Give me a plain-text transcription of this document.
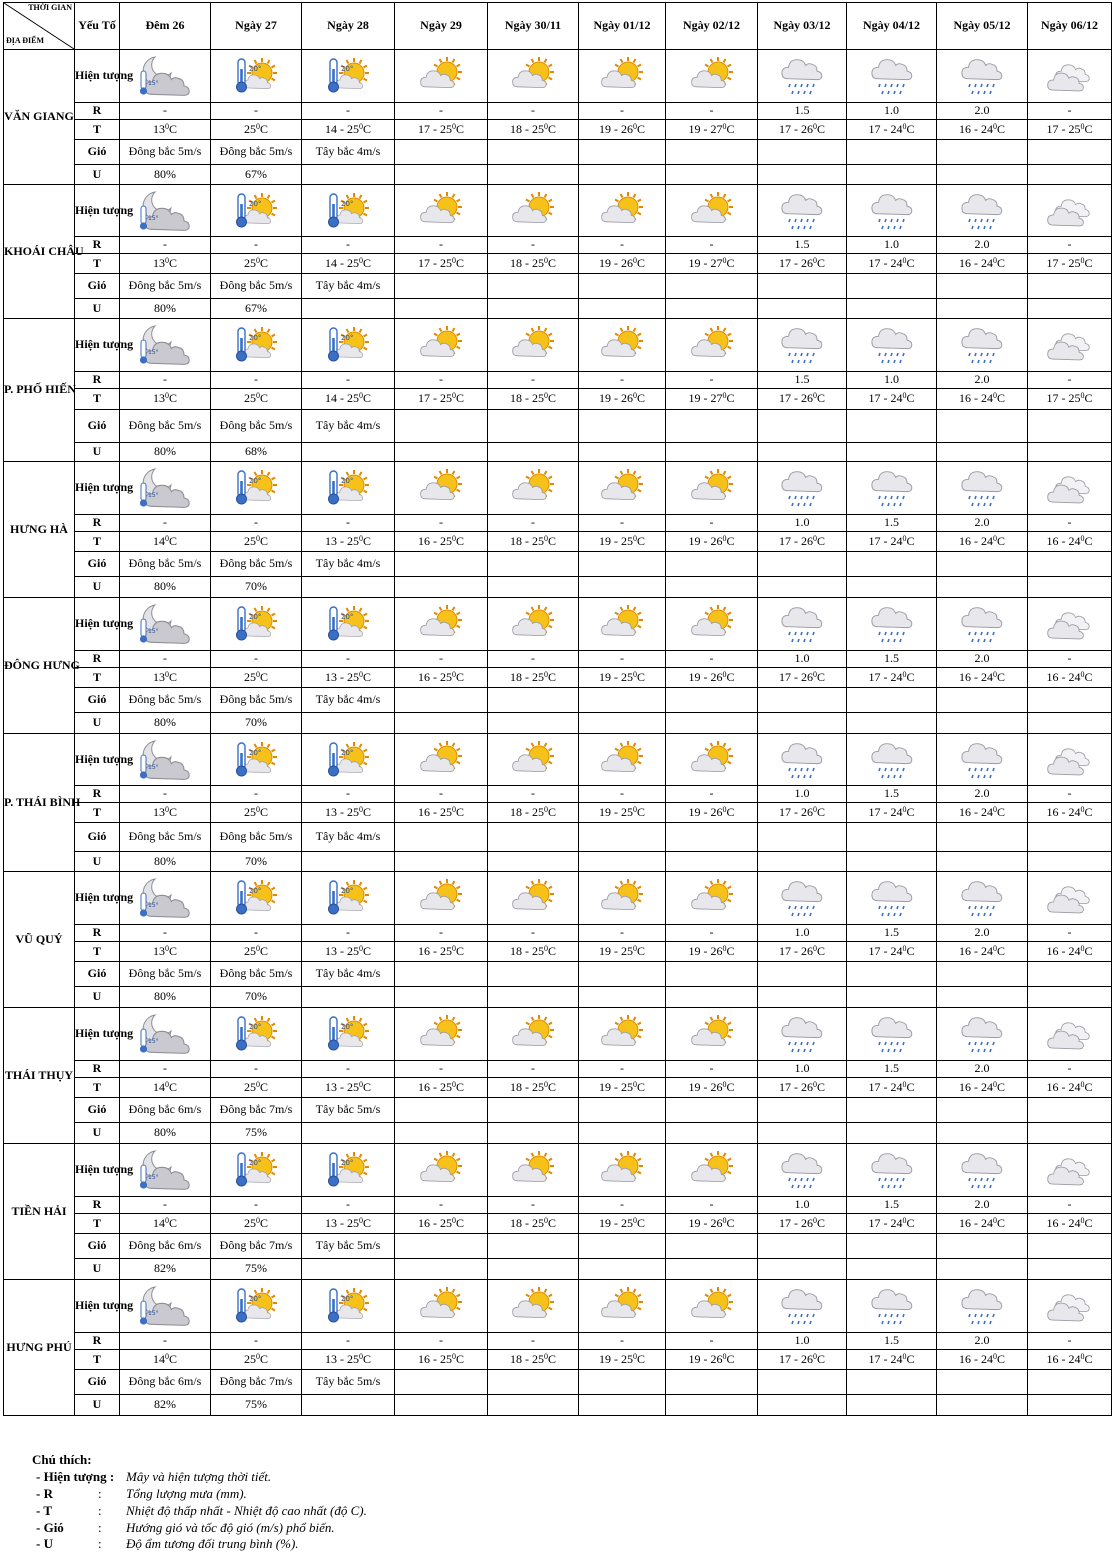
THỜI GIAN
ĐỊA ĐIỂM	Yếu Tố	Đêm 26	Ngày 27	Ngày 28	Ngày 29	Ngày 30/11	Ngày 01/12	Ngày 02/12	Ngày 03/12	Ngày 04/12	Ngày 05/12	Ngày 06/12
VĂN GIANG	Hiện tượng	15°	20°	20°

	R	-	-	-	-	-	-	-	1.5	1.0	2.0	-
	T	$13^0C$	$25^0C$	$14 - 25^0C$	$17 - 25^0C$	$18 - 25^0C$	$19 - 26^0C$	$19 - 27^0C$	$17 - 26^0C$	$17 - 24^0C$	$16 - 24^0C$	$17 - 25^0C$
	Gió	Đông bắc 5m/s	Đông bắc 5m/s	Tây bắc 4m/s								
	U	80%	67%									
KHOÁI CHÂU	Hiện tượng	15°	20°	20°

	R	-	-	-	-	-	-	-	1.5	1.0	2.0	-
	T	$13^0C$	$25^0C$	$14 - 25^0C$	$17 - 25^0C$	$18 - 25^0C$	$19 - 26^0C$	$19 - 27^0C$	$17 - 26^0C$	$17 - 24^0C$	$16 - 24^0C$	$17 - 25^0C$
	Gió	Đông bắc 5m/s	Đông bắc 5m/s	Tây bắc 4m/s								
	U	80%	67%									
P. PHỐ HIẾN	Hiện tượng	15°	20°	20°

	R	-	-	-	-	-	-	-	1.5	1.0	2.0	-
	T	$13^0C$	$25^0C$	$14 - 25^0C$	$17 - 25^0C$	$18 - 25^0C$	$19 - 26^0C$	$19 - 27^0C$	$17 - 26^0C$	$17 - 24^0C$	$16 - 24^0C$	$17 - 25^0C$
	Gió	Đông bắc 5m/s	Đông bắc 5m/s	Tây bắc 4m/s								
	U	80%	68%									
HƯNG HÀ	Hiện tượng	15°	20°	20°

	R	-	-	-	-	-	-	-	1.0	1.5	2.0	-
	T	$14^0C$	$25^0C$	$13 - 25^0C$	$16 - 25^0C$	$18 - 25^0C$	$19 - 25^0C$	$19 - 26^0C$	$17 - 26^0C$	$17 - 24^0C$	$16 - 24^0C$	$16 - 24^0C$
	Gió	Đông bắc 5m/s	Đông bắc 5m/s	Tây bắc 4m/s								
	U	80%	70%									
ĐÔNG HƯNG	Hiện tượng	15°	20°	20°

	R	-	-	-	-	-	-	-	1.0	1.5	2.0	-
	T	$13^0C$	$25^0C$	$13 - 25^0C$	$16 - 25^0C$	$18 - 25^0C$	$19 - 25^0C$	$19 - 26^0C$	$17 - 26^0C$	$17 - 24^0C$	$16 - 24^0C$	$16 - 24^0C$
	Gió	Đông bắc 5m/s	Đông bắc 5m/s	Tây bắc 4m/s								
	U	80%	70%									
P. THÁI BÌNH	Hiện tượng	15°	20°	20°

	R	-	-	-	-	-	-	-	1.0	1.5	2.0	-
	T	$13^0C$	$25^0C$	$13 - 25^0C$	$16 - 25^0C$	$18 - 25^0C$	$19 - 25^0C$	$19 - 26^0C$	$17 - 26^0C$	$17 - 24^0C$	$16 - 24^0C$	$16 - 24^0C$
	Gió	Đông bắc 5m/s	Đông bắc 5m/s	Tây bắc 4m/s								
	U	80%	70%									
VŨ QUÝ	Hiện tượng	15°	20°	20°

	R	-	-	-	-	-	-	-	1.0	1.5	2.0	-
	T	$13^0C$	$25^0C$	$13 - 25^0C$	$16 - 25^0C$	$18 - 25^0C$	$19 - 25^0C$	$19 - 26^0C$	$17 - 26^0C$	$17 - 24^0C$	$16 - 24^0C$	$16 - 24^0C$
	Gió	Đông bắc 5m/s	Đông bắc 5m/s	Tây bắc 4m/s								
	U	80%	70%									
THÁI THỤY	Hiện tượng	15°	20°	20°

	R	-	-	-	-	-	-	-	1.0	1.5	2.0	-
	T	$14^0C$	$25^0C$	$13 - 25^0C$	$16 - 25^0C$	$18 - 25^0C$	$19 - 25^0C$	$19 - 26^0C$	$17 - 26^0C$	$17 - 24^0C$	$16 - 24^0C$	$16 - 24^0C$
	Gió	Đông bắc 6m/s	Đông bắc 7m/s	Tây bắc 5m/s								
	U	80%	75%									
TIỀN HẢI	Hiện tượng	15°	20°	20°

	R	-	-	-	-	-	-	-	1.0	1.5	2.0	-
	T	$14^0C$	$25^0C$	$13 - 25^0C$	$16 - 25^0C$	$18 - 25^0C$	$19 - 25^0C$	$19 - 26^0C$	$17 - 26^0C$	$17 - 24^0C$	$16 - 24^0C$	$16 - 24^0C$
	Gió	Đông bắc 6m/s	Đông bắc 7m/s	Tây bắc 5m/s								
	U	82%	75%									
HƯNG PHÚ	Hiện tượng	15°	20°	20°

	R	-	-	-	-	-	-	-	1.0	1.5	2.0	-
	T	$14^0C$	$25^0C$	$13 - 25^0C$	$16 - 25^0C$	$18 - 25^0C$	$19 - 25^0C$	$19 - 26^0C$	$17 - 26^0C$	$17 - 24^0C$	$16 - 24^0C$	$16 - 24^0C$
	Gió	Đông bắc 6m/s	Đông bắc 7m/s	Tây bắc 5m/s								
	U	82%	75%									
Chú thích:
- Hiện tượng : Mây và hiện tượng thời tiết.
- R	:	Tổng lượng mưa (mm).
- T	:	Nhiệt độ thấp nhất - Nhiệt độ cao nhất (độ C).
- Gió	:	Hướng gió và tốc độ gió (m/s) phổ biến.
- U	:	Độ ẩm tương đối trung bình (%).
